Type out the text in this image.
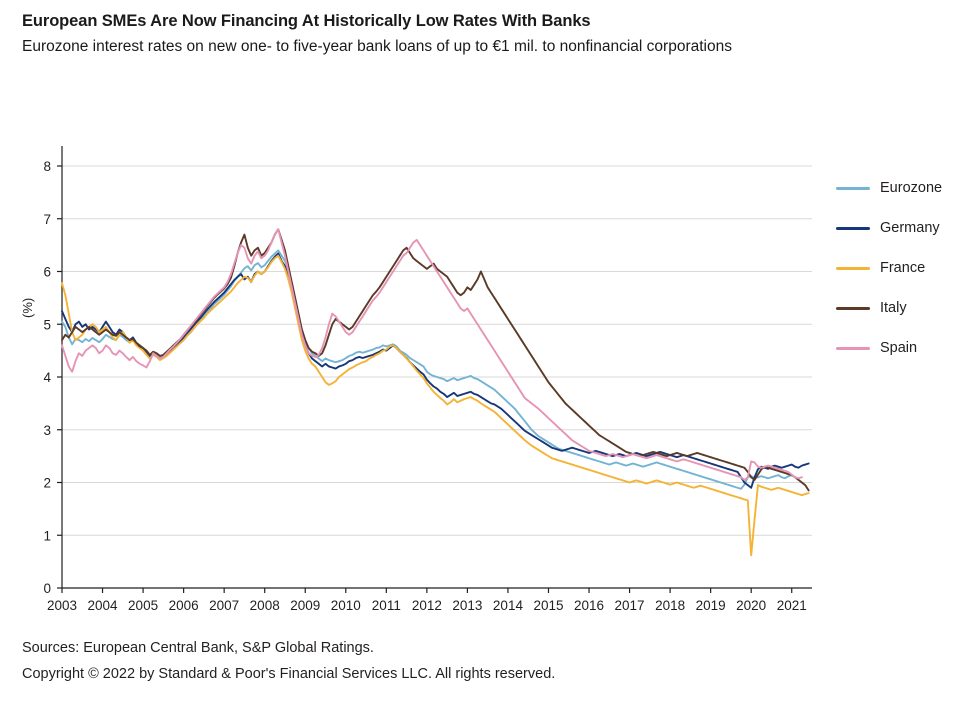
European SMEs Are Now Financing At Historically Low Rates With Banks
Eurozone interest rates on new one- to five-year bank loans of up to €1 mil. to nonfinancial corporations
0
1
2
3
4
5
6
7
8
2003 2004 2005 2006 2007 2008 2009 2010 2011 2012 2013 2014 2015 2016 2017 2018 2019 2020 2021
(%)
Eurozone
Germany
France
Italy
Spain
Sources: European Central Bank, S&P Global Ratings.
Copyright © 2022 by Standard & Poor's Financial Services LLC. All rights reserved.
